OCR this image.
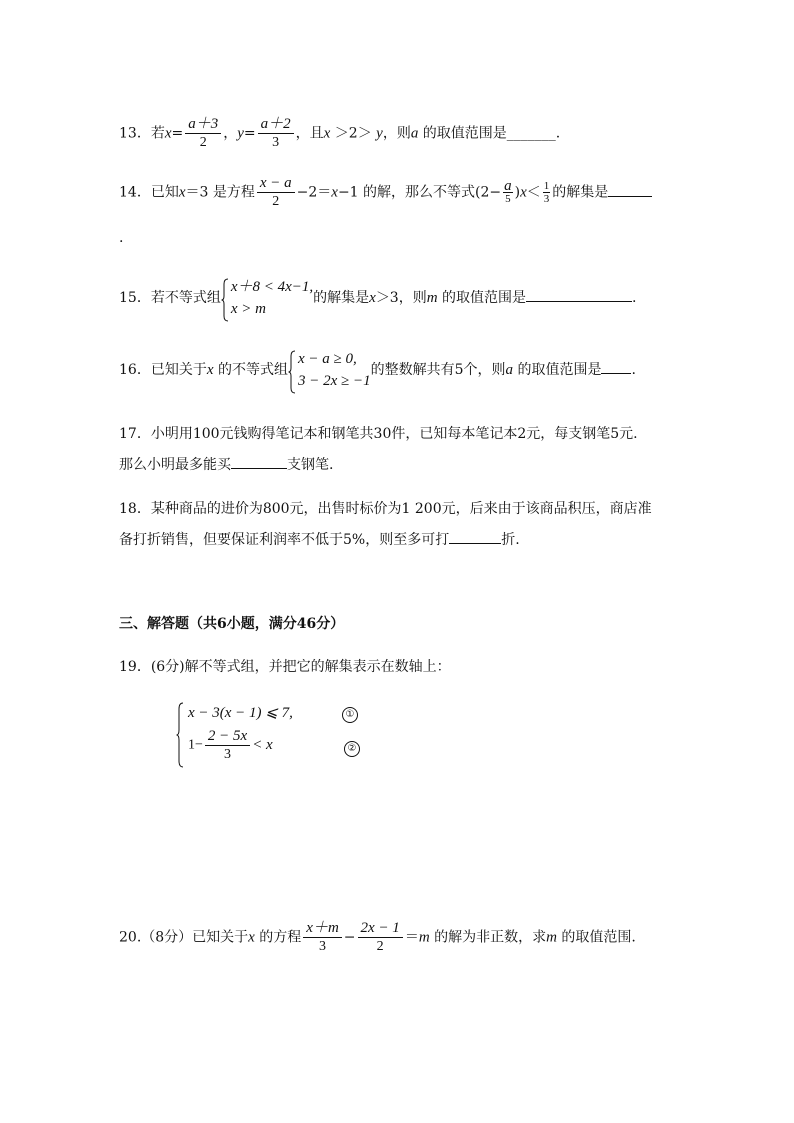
13．若$x= \frac{a+3}{2}$ ，$y= \frac{a+2}{3}$ ，且x ＞2＞ y，则a 的取值范围是_______.
14．已知x＝3 是方程 $\frac{x - a}{2} -2=x-1$ 的解，那么不等式$(2- \frac{a}{5} )x< \frac{1}{3}$ 的解集是
.
15．若不等式组
x＋8 < 4x−1,
x > m
的解集是x＞3，则m 的取值范围是	.
16．已知关于x 的不等式组
x − a ≥ 0,
3 − 2x ≥ −1
的整数解共有5个，则a 的取值范围是 .
17．小明用100元钱购得笔记本和钢笔共30件，已知每本笔记本2元，每支钢笔5元.
那么小明最多能买	支钢笔.
18．某种商品的进价为800元，出售时标价为1 200元，后来由于该商品积压，商店准
备打折销售，但要保证利润率不低于5%，则至多可打	折.
三、解答题（共6小题，满分46分）
19．(6分)解不等式组，并把它的解集表示在数轴上：
x − 3(x − 1) ⩽ 7,	①
$1- \frac{2 - 5x}{3} < x$	②
20.（8分）已知关于x 的方程 $\frac{x+m}{3} - \frac{2x - 1}{2} =m$ 的解为非正数，求m 的取值范围.
